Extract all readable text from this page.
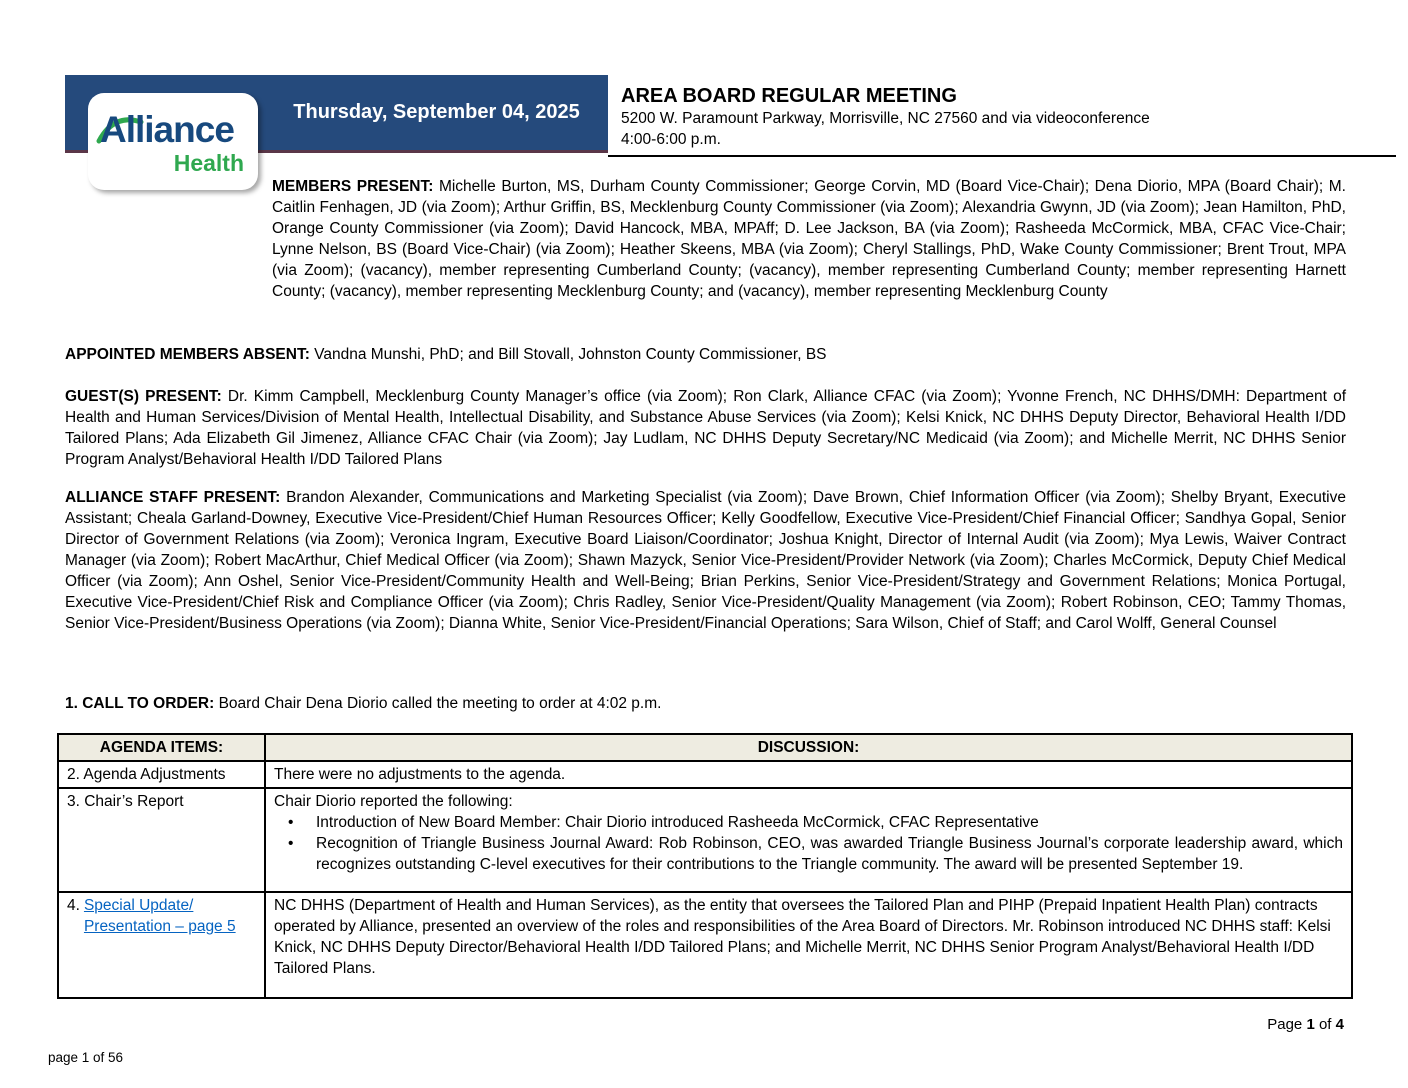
Thursday, September 04, 2025
Alliance
Health
AREA BOARD REGULAR MEETING
5200 W. Paramount Parkway, Morrisville, NC 27560 and via videoconference
4:00-6:00 p.m.

MEMBERS PRESENT: Michelle Burton, MS, Durham County Commissioner; George Corvin, MD (Board Vice-Chair); Dena Diorio, MPA (Board Chair); M. Caitlin Fenhagen, JD (via Zoom); Arthur Griffin, BS, Mecklenburg County Commissioner (via Zoom); Alexandria Gwynn, JD (via Zoom); Jean Hamilton, PhD, Orange County Commissioner (via Zoom); David Hancock, MBA, MPAff; D. Lee Jackson, BA (via Zoom); Rasheeda McCormick, MBA, CFAC Vice-Chair; Lynne Nelson, BS (Board Vice-Chair) (via Zoom); Heather Skeens, MBA (via Zoom); Cheryl Stallings, PhD, Wake County Commissioner; Brent Trout, MPA (via Zoom); (vacancy), member representing Cumberland County; (vacancy), member representing Cumberland County; member representing Harnett County; (vacancy), member representing Mecklenburg County; and (vacancy), member representing Mecklenburg County

APPOINTED MEMBERS ABSENT: Vandna Munshi, PhD; and Bill Stovall, Johnston County Commissioner, BS

GUEST(S) PRESENT: Dr. Kimm Campbell, Mecklenburg County Manager’s office (via Zoom); Ron Clark, Alliance CFAC (via Zoom); Yvonne French, NC DHHS/DMH: Department of Health and Human Services/Division of Mental Health, Intellectual Disability, and Substance Abuse Services (via Zoom); Kelsi Knick, NC DHHS Deputy Director, Behavioral Health I/DD Tailored Plans; Ada Elizabeth Gil Jimenez, Alliance CFAC Chair (via Zoom); Jay Ludlam, NC DHHS Deputy Secretary/NC Medicaid (via Zoom); and Michelle Merrit, NC DHHS Senior Program Analyst/Behavioral Health I/DD Tailored Plans

ALLIANCE STAFF PRESENT: Brandon Alexander, Communications and Marketing Specialist (via Zoom); Dave Brown, Chief Information Officer (via Zoom); Shelby Bryant, Executive Assistant; Cheala Garland-Downey, Executive Vice-President/Chief Human Resources Officer; Kelly Goodfellow, Executive Vice-President/Chief Financial Officer; Sandhya Gopal, Senior Director of Government Relations (via Zoom); Veronica Ingram, Executive Board Liaison/Coordinator; Joshua Knight, Director of Internal Audit (via Zoom); Mya Lewis, Waiver Contract Manager (via Zoom); Robert MacArthur, Chief Medical Officer (via Zoom); Shawn Mazyck, Senior Vice-President/Provider Network (via Zoom); Charles McCormick, Deputy Chief Medical Officer (via Zoom); Ann Oshel, Senior Vice-President/Community Health and Well-Being; Brian Perkins, Senior Vice-President/Strategy and Government Relations; Monica Portugal, Executive Vice-President/Chief Risk and Compliance Officer (via Zoom); Chris Radley, Senior Vice-President/Quality Management (via Zoom); Robert Robinson, CEO; Tammy Thomas, Senior Vice-President/Business Operations (via Zoom); Dianna White, Senior Vice-President/Financial Operations; Sara Wilson, Chief of Staff; and Carol Wolff, General Counsel

1. CALL TO ORDER: Board Chair Dena Diorio called the meeting to order at 4:02 p.m.

AGENDA ITEMS:	DISCUSSION:
2. Agenda Adjustments	There were no adjustments to the agenda.
3. Chair’s Report	Chair Diorio reported the following:
• Introduction of New Board Member: Chair Diorio introduced Rasheeda McCormick, CFAC Representative
• Recognition of Triangle Business Journal Award: Rob Robinson, CEO, was awarded Triangle Business Journal’s corporate leadership award, which recognizes outstanding C-level executives for their contributions to the Triangle community. The award will be presented September 19.

4. Special Update/ Presentation – page 5	NC DHHS (Department of Health and Human Services), as the entity that oversees the Tailored Plan and PIHP (Prepaid Inpatient Health Plan) contracts operated by Alliance, presented an overview of the roles and responsibilities of the Area Board of Directors. Mr. Robinson introduced NC DHHS staff: Kelsi Knick, NC DHHS Deputy Director/Behavioral Health I/DD Tailored Plans; and Michelle Merrit, NC DHHS Senior Program Analyst/Behavioral Health I/DD Tailored Plans.
Page 1 of 4
page 1 of 56
